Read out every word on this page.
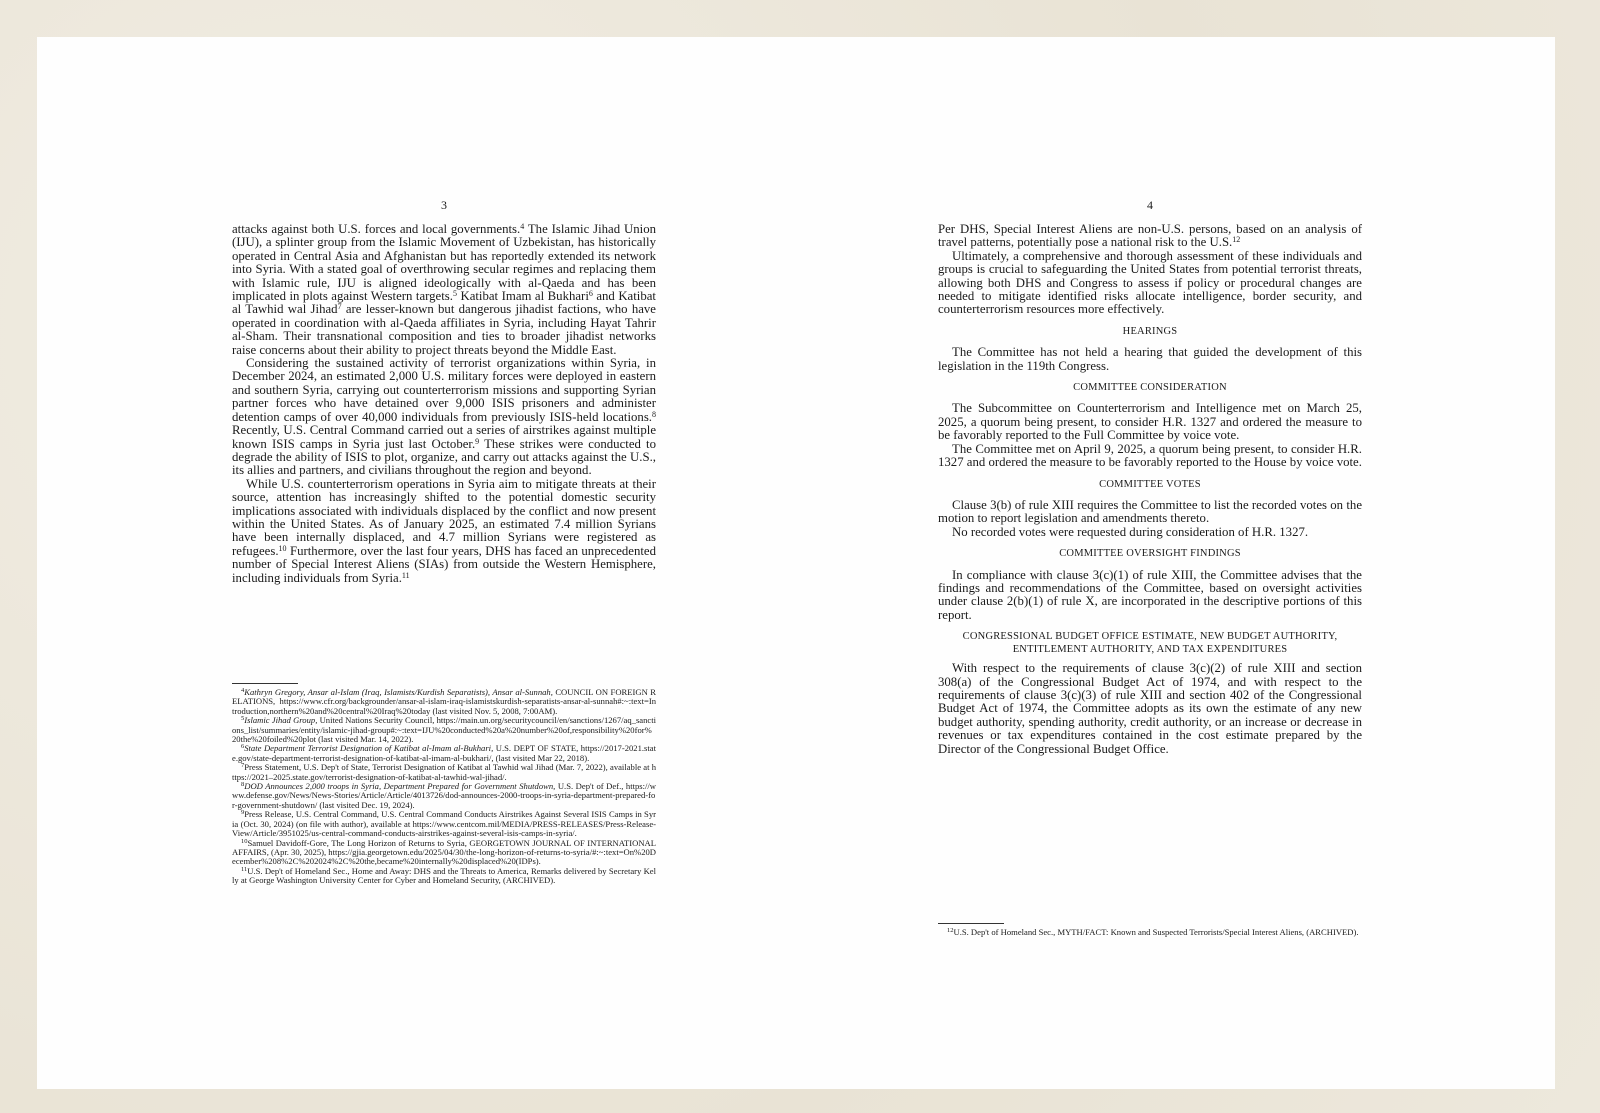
3

attacks against both U.S. forces and local governments.$^4$ The Islamic Jihad Union (IJU), a splinter group from the Islamic Movement of Uzbekistan, has historically operated in Central Asia and Afghanistan but has reportedly extended its network into Syria. With a stated goal of overthrowing secular regimes and replacing them with Islamic rule, IJU is aligned ideologically with al-Qaeda and has been implicated in plots against Western targets.$^5$ Katibat Imam al Bukhari$^6$ and Katibat al Tawhid wal Jihad$^7$ are lesser-known but dangerous jihadist factions, who have operated in coordination with al-Qaeda affiliates in Syria, including Hayat Tahrir al-Sham. Their transnational composition and ties to broader jihadist networks raise concerns about their ability to project threats beyond the Middle East.

Considering the sustained activity of terrorist organizations within Syria, in December 2024, an estimated 2,000 U.S. military forces were deployed in eastern and southern Syria, carrying out counterterrorism missions and supporting Syrian partner forces who have detained over 9,000 ISIS prisoners and administer detention camps of over 40,000 individuals from previously ISIS-held locations.$^8$ Recently, U.S. Central Command carried out a series of airstrikes against multiple known ISIS camps in Syria just last October.$^9$ These strikes were conducted to degrade the ability of ISIS to plot, organize, and carry out attacks against the U.S., its allies and partners, and civilians throughout the region and beyond.

While U.S. counterterrorism operations in Syria aim to mitigate threats at their source, attention has increasingly shifted to the potential domestic security implications associated with individuals displaced by the conflict and now present within the United States. As of January 2025, an estimated 7.4 million Syrians have been internally displaced, and 4.7 million Syrians were registered as refugees.$^{10}$ Furthermore, over the last four years, DHS has faced an unprecedented number of Special Interest Aliens (SIAs) from outside the Western Hemisphere, including individuals from Syria.$^{11}$

$^4$Kathryn Gregory, Ansar al-Islam (Iraq, Islamists/Kurdish Separatists), Ansar al-Sunnah, COUNCIL ON FOREIGN RELATIONS, https://www.cfr.org/backgrounder/ansar-al-islam-iraq-islamistskurdish-separatists-ansar-al-sunnah#:~:text=Introduction,northern%20and%20central%20Iraq%20today (last visited Nov. 5, 2008, 7:00AM).

$^5$Islamic Jihad Group, United Nations Security Council, https://main.un.org/securitycouncil/en/sanctions/1267/aq_sanctions_list/summaries/entity/islamic-jihad-group#:~:text=IJU%20conducted%20a%20number%20of,responsibility%20for%20the%20foiled%20plot (last visited Mar. 14, 2022).

$^6$State Department Terrorist Designation of Katibat al-Imam al-Bukhari, U.S. DEPT OF STATE, https://2017-2021.state.gov/state-department-terrorist-designation-of-katibat-al-imam-al-bukhari/, (last visited Mar 22, 2018).

$^7$Press Statement, U.S. Dep't of State, Terrorist Designation of Katibat al Tawhid wal Jihad (Mar. 7, 2022), available at https://2021–2025.state.gov/terrorist-designation-of-katibat-al-tawhid-wal-jihad/.

$^8$DOD Announces 2,000 troops in Syria, Department Prepared for Government Shutdown, U.S. Dep't of Def., https://www.defense.gov/News/News-Stories/Article/Article/4013726/dod-announces-2000-troops-in-syria-department-prepared-for-government-shutdown/ (last visited Dec. 19, 2024).

$^9$Press Release, U.S. Central Command, U.S. Central Command Conducts Airstrikes Against Several ISIS Camps in Syria (Oct. 30, 2024) (on file with author), available at https://www.centcom.mil/MEDIA/PRESS-RELEASES/Press-Release-View/Article/3951025/us-central-command-conducts-airstrikes-against-several-isis-camps-in-syria/.

$^{10}$Samuel Davidoff-Gore, The Long Horizon of Returns to Syria, GEORGETOWN JOURNAL OF INTERNATIONAL AFFAIRS, (Apr. 30, 2025), https://gjia.georgetown.edu/2025/04/30/the-long-horizon-of-returns-to-syria/#:~:text=On%20December%208%2C%202024%2C%20the,became%20internally%20displaced%20(IDPs).

$^{11}$U.S. Dep't of Homeland Sec., Home and Away: DHS and the Threats to America, Remarks delivered by Secretary Kelly at George Washington University Center for Cyber and Homeland Security, (ARCHIVED).

4

Per DHS, Special Interest Aliens are non-U.S. persons, based on an analysis of travel patterns, potentially pose a national risk to the U.S.$^{12}$

Ultimately, a comprehensive and thorough assessment of these individuals and groups is crucial to safeguarding the United States from potential terrorist threats, allowing both DHS and Congress to assess if policy or procedural changes are needed to mitigate identified risks allocate intelligence, border security, and counterterrorism resources more effectively.

HEARINGS

The Committee has not held a hearing that guided the development of this legislation in the 119th Congress.

COMMITTEE CONSIDERATION

The Subcommittee on Counterterrorism and Intelligence met on March 25, 2025, a quorum being present, to consider H.R. 1327 and ordered the measure to be favorably reported to the Full Committee by voice vote.

The Committee met on April 9, 2025, a quorum being present, to consider H.R. 1327 and ordered the measure to be favorably reported to the House by voice vote.

COMMITTEE VOTES

Clause 3(b) of rule XIII requires the Committee to list the recorded votes on the motion to report legislation and amendments thereto.

No recorded votes were requested during consideration of H.R. 1327.

COMMITTEE OVERSIGHT FINDINGS

In compliance with clause 3(c)(1) of rule XIII, the Committee advises that the findings and recommendations of the Committee, based on oversight activities under clause 2(b)(1) of rule X, are incorporated in the descriptive portions of this report.

CONGRESSIONAL BUDGET OFFICE ESTIMATE, NEW BUDGET AUTHORITY, ENTITLEMENT AUTHORITY, AND TAX EXPENDITURES

With respect to the requirements of clause 3(c)(2) of rule XIII and section 308(a) of the Congressional Budget Act of 1974, and with respect to the requirements of clause 3(c)(3) of rule XIII and section 402 of the Congressional Budget Act of 1974, the Committee adopts as its own the estimate of any new budget authority, spending authority, credit authority, or an increase or decrease in revenues or tax expenditures contained in the cost estimate prepared by the Director of the Congressional Budget Office.

$^{12}$U.S. Dep't of Homeland Sec., MYTH/FACT: Known and Suspected Terrorists/Special Interest Aliens, (ARCHIVED).
